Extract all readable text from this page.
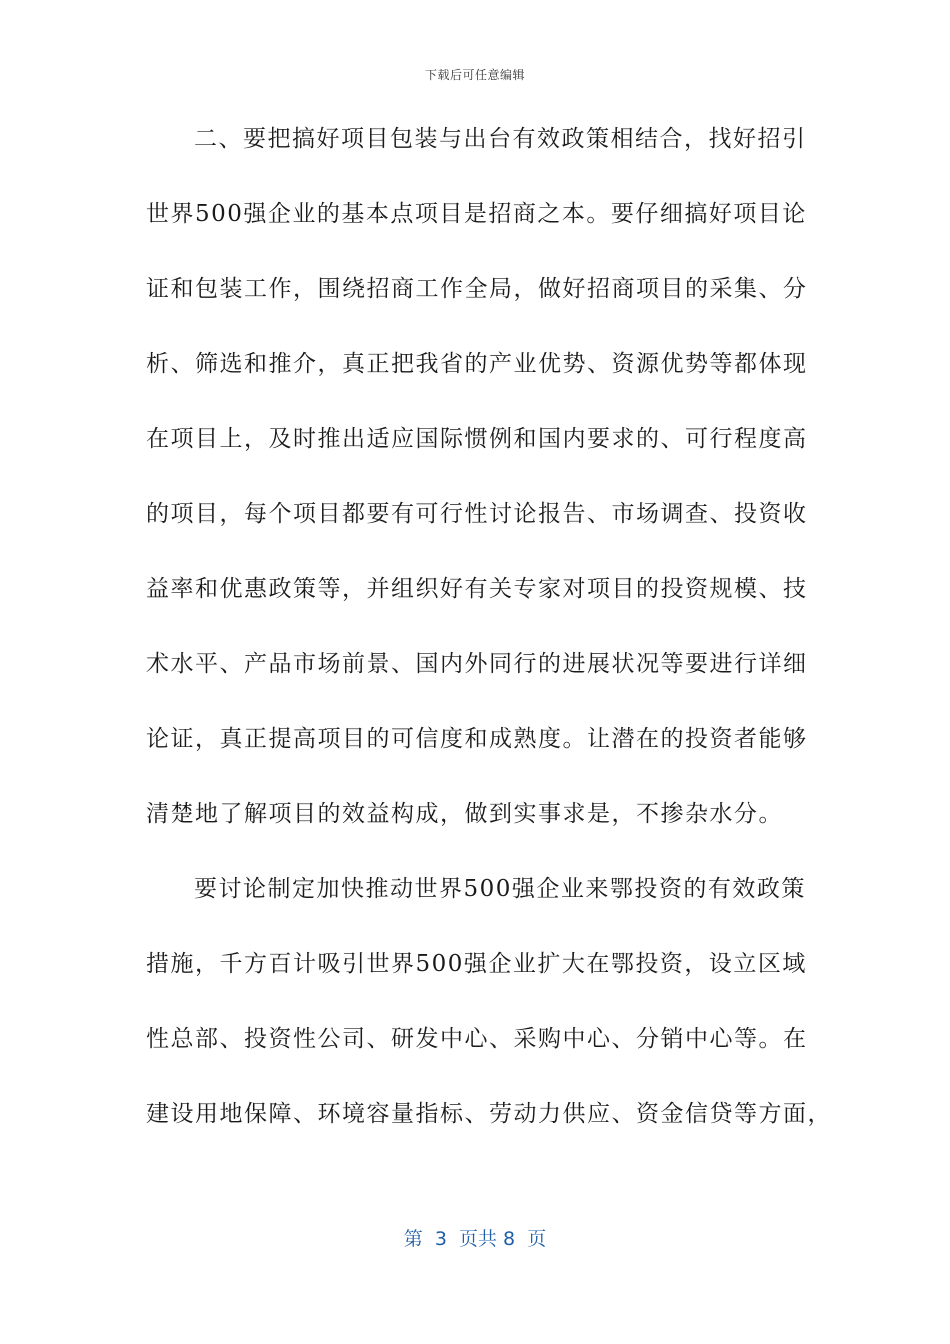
下载后可任意编辑
二、要把搞好项目包装与出台有效政策相结合，找好招引
世界500强企业的基本点项目是招商之本。要仔细搞好项目论
证和包装工作，围绕招商工作全局，做好招商项目的采集、分
析、筛选和推介，真正把我省的产业优势、资源优势等都体现
在项目上，及时推出适应国际惯例和国内要求的、可行程度高
的项目，每个项目都要有可行性讨论报告、市场调查、投资收
益率和优惠政策等，并组织好有关专家对项目的投资规模、技
术水平、产品市场前景、国内外同行的进展状况等要进行详细
论证，真正提高项目的可信度和成熟度。让潜在的投资者能够
清楚地了解项目的效益构成，做到实事求是，不掺杂水分。
要讨论制定加快推动世界500强企业来鄂投资的有效政策
措施，千方百计吸引世界500强企业扩大在鄂投资，设立区域
性总部、投资性公司、研发中心、采购中心、分销中心等。在
建设用地保障、环境容量指标、劳动力供应、资金信贷等方面，
第  3  页共 8  页
